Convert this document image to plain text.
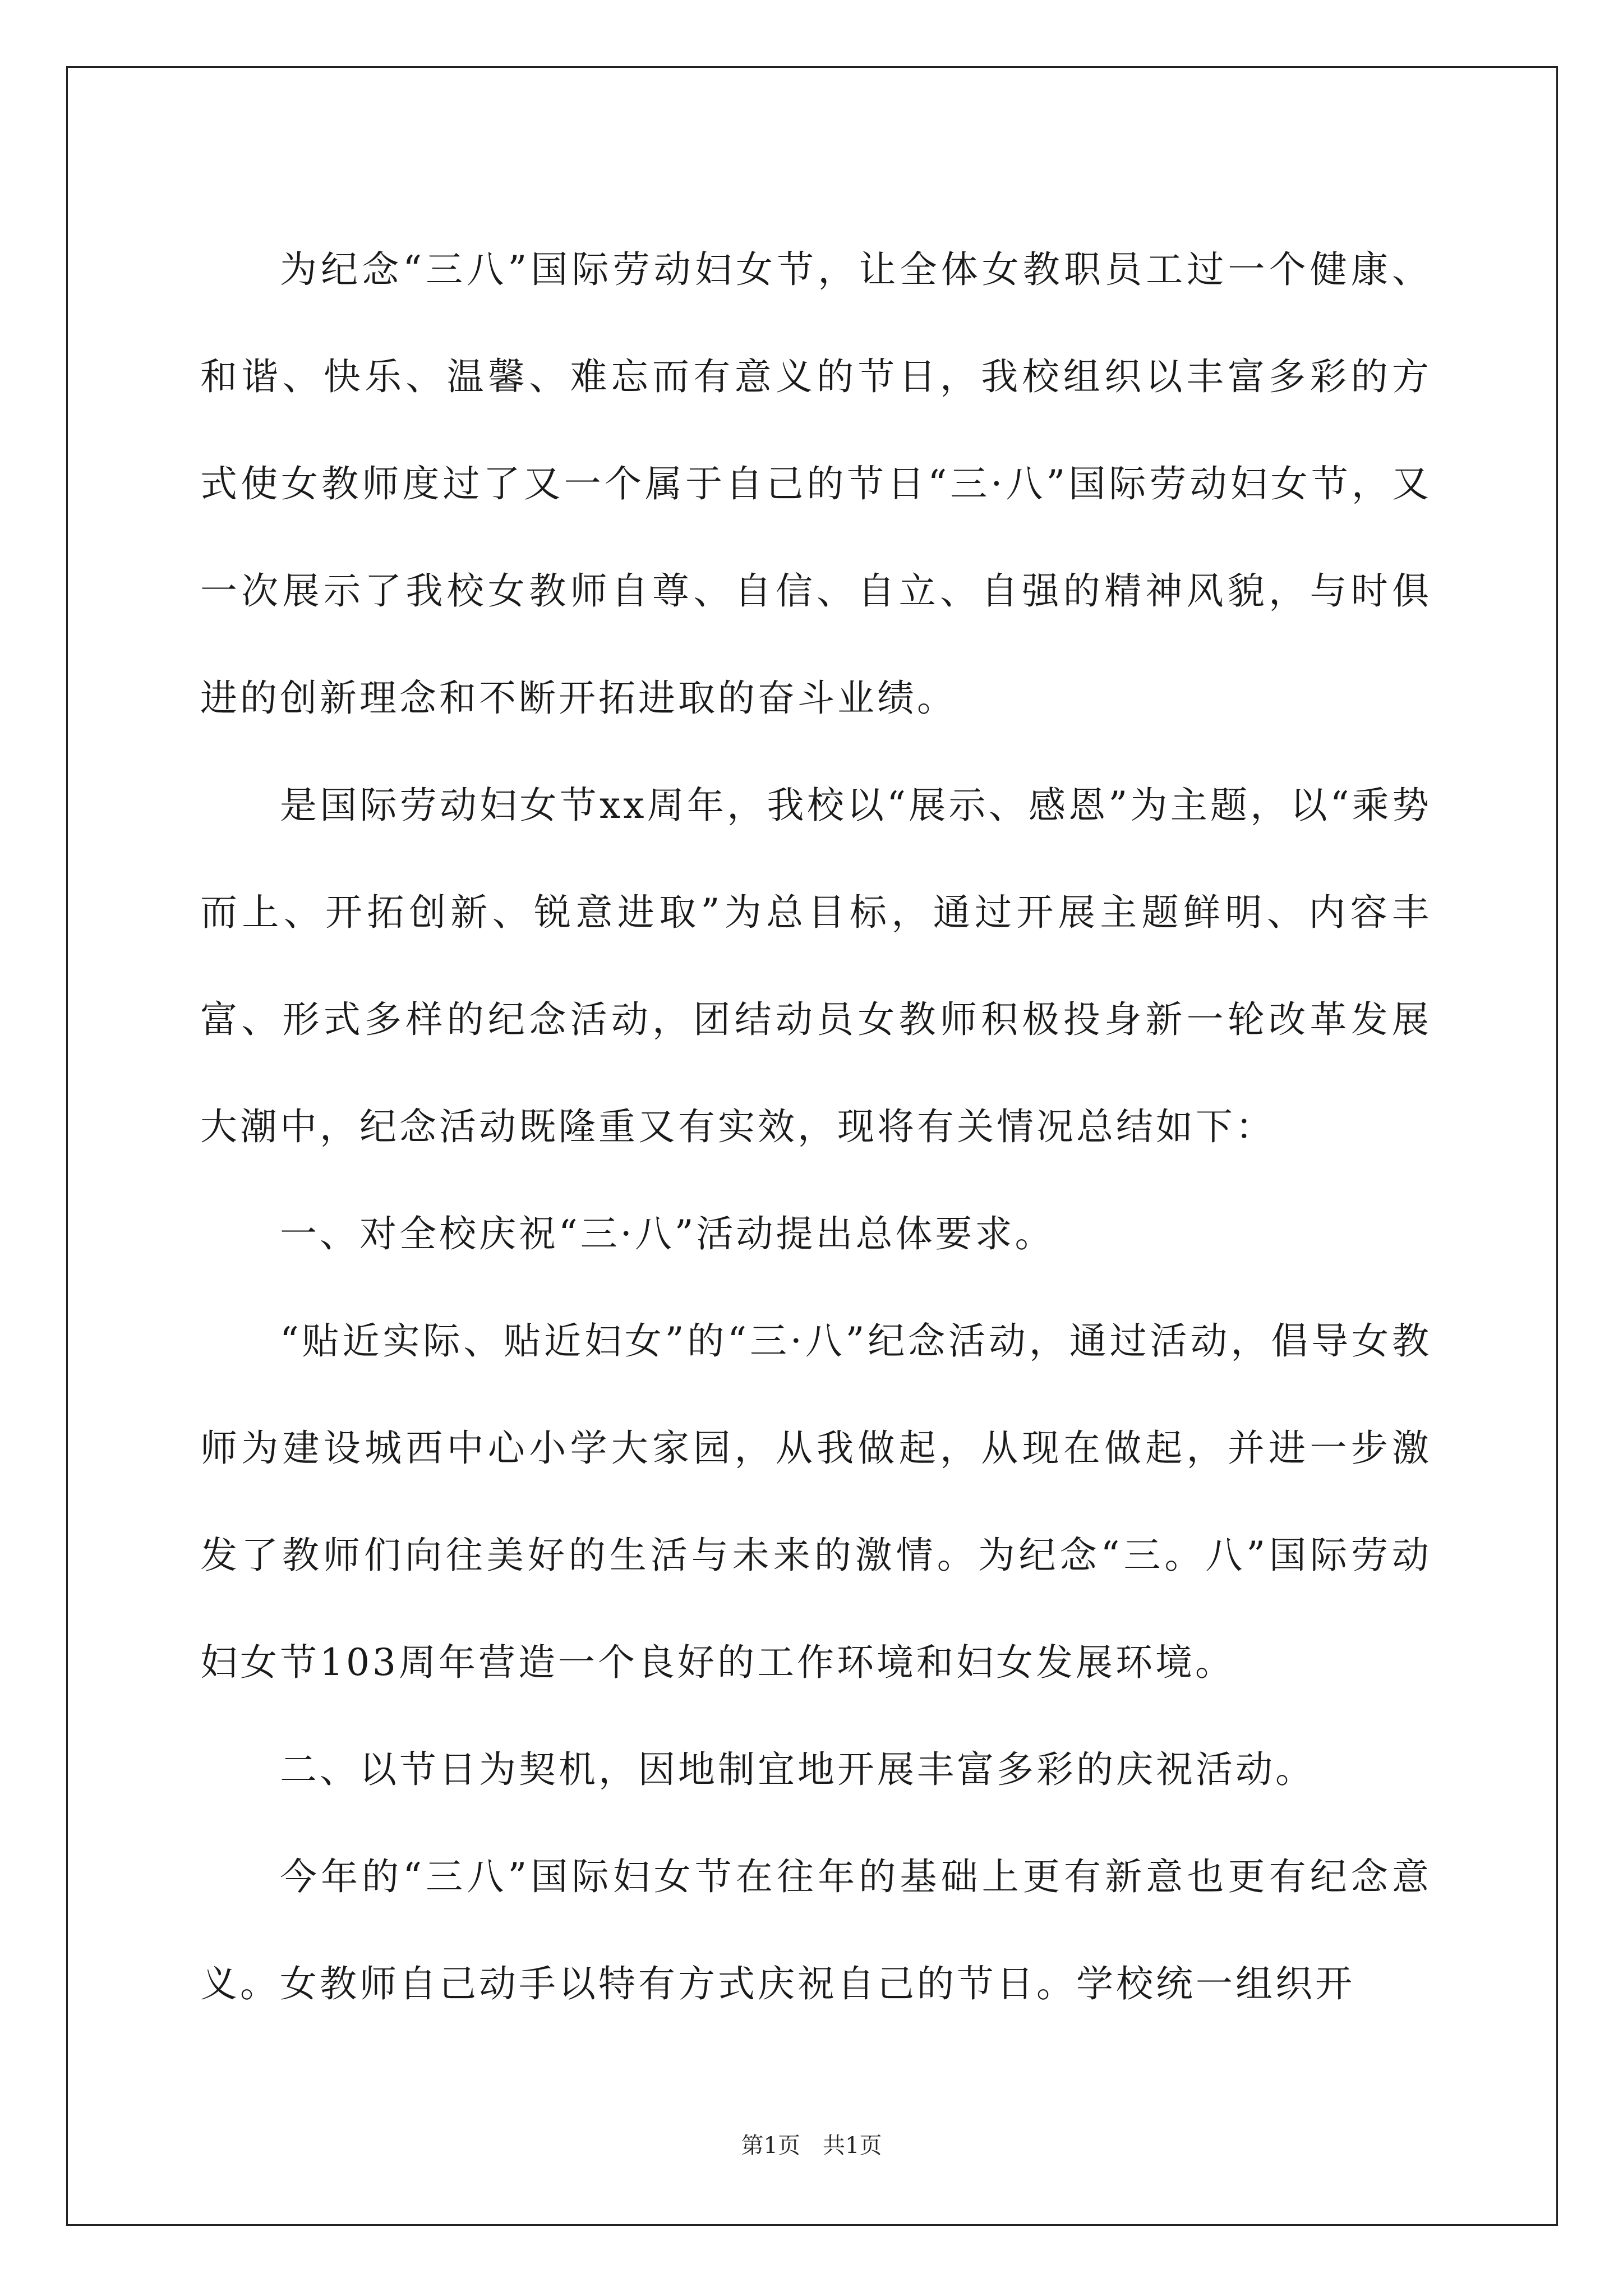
为纪念“三八”国际劳动妇女节，让全体女教职员工过一个健康、和谐、快乐、温馨、难忘而有意义的节日，我校组织以丰富多彩的方式使女教师度过了又一个属于自己的节日“三·八”国际劳动妇女节，又一次展示了我校女教师自尊、自信、自立、自强的精神风貌，与时俱进的创新理念和不断开拓进取的奋斗业绩。

是国际劳动妇女节xx周年，我校以“展示、感恩”为主题，以“乘势而上、开拓创新、锐意进取”为总目标，通过开展主题鲜明、内容丰富、形式多样的纪念活动，团结动员女教师积极投身新一轮改革发展大潮中，纪念活动既隆重又有实效，现将有关情况总结如下：

一、对全校庆祝“三·八”活动提出总体要求。

“贴近实际、贴近妇女”的“三·八”纪念活动，通过活动，倡导女教师为建设城西中心小学大家园，从我做起，从现在做起，并进一步激发了教师们向往美好的生活与未来的激情。为纪念“三。八”国际劳动妇女节103周年营造一个良好的工作环境和妇女发展环境。

二、以节日为契机，因地制宜地开展丰富多彩的庆祝活动。

今年的“三八”国际妇女节在往年的基础上更有新意也更有纪念意义。女教师自己动手以特有方式庆祝自己的节日。学校统一组织开

第1页　共1页
